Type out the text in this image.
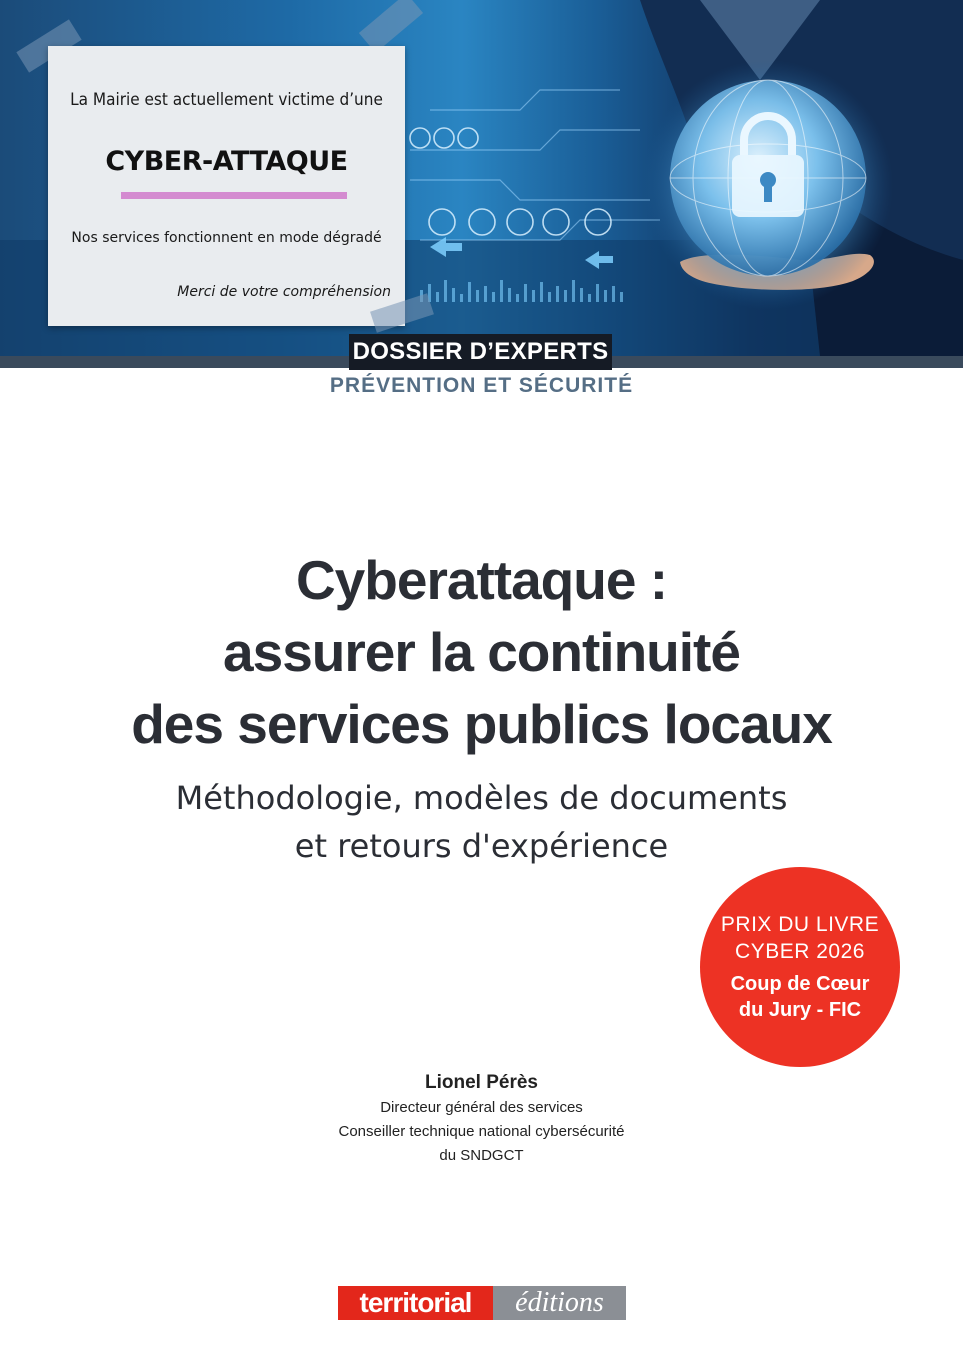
La Mairie est actuellement victime d’une
CYBER-ATTAQUE
Nos services fonctionnent en mode dégradé
Merci de votre compréhension
DOSSIER D’EXPERTS
PRÉVENTION ET SÉCURITÉ
Cyberattaque :
assurer la continuité
des services publics locaux
Méthodologie, modèles de documents
et retours d'expérience
PRIX DU LIVRE
CYBER 2026
Coup de Cœur
du Jury - FIC
Lionel Pérès
Directeur général des services
Conseiller technique national cybersécurité
du SNDGCT
territorial	éditions
